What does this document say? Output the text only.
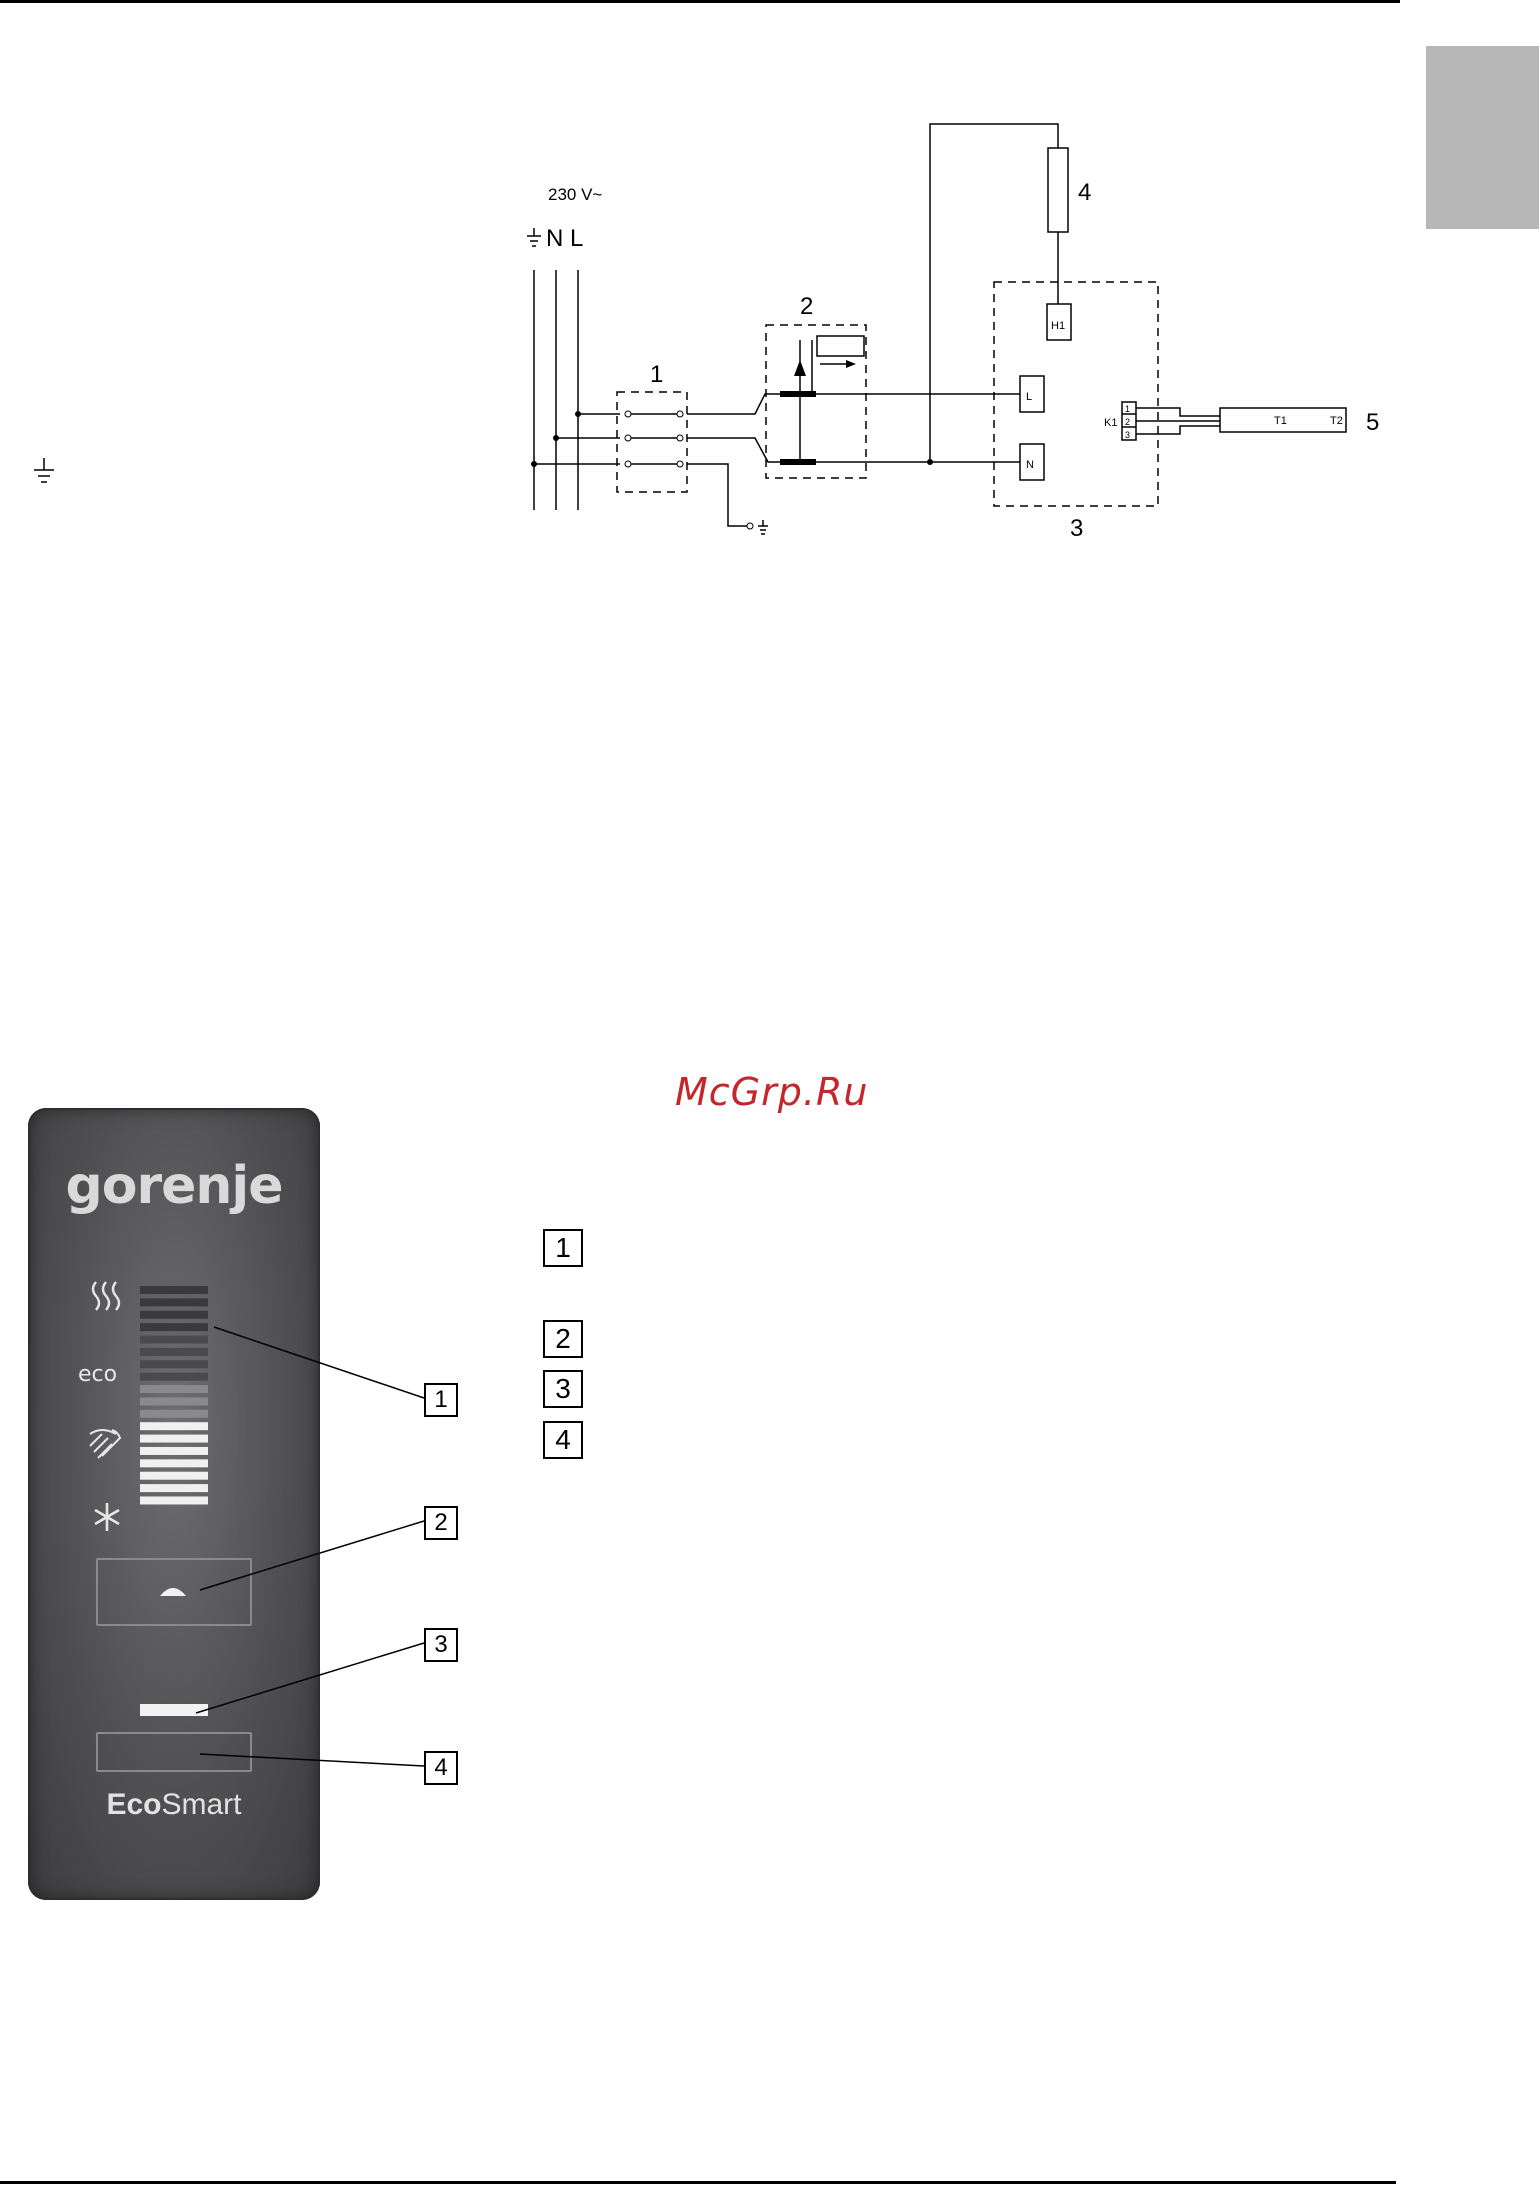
230 V~
N L
1
2
3
4
5
L
N
H1
K1
1
2
3
T1	T2
McGrp.Ru
gorenje
eco
EcoSmart
1
2
3
4
1
2
3
4
